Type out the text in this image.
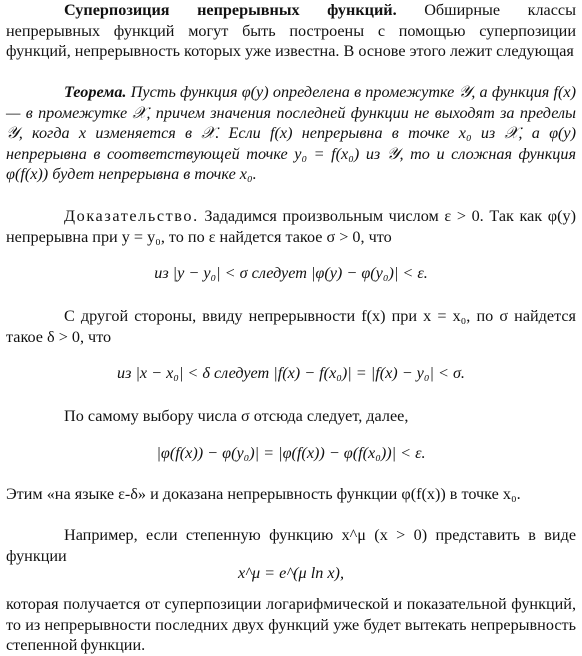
Суперпозиция непрерывных функций. Обширные классы непрерывных функций могут быть построены с помощью суперпозиции функций, непрерывность которых уже известна. В основе этого лежит следующая
Теорема. Пусть функция φ(y) определена в промежутке 𝒴, а функция f(x) — в промежутке 𝒳, причем значения последней функции не выходят за пределы 𝒴, когда x изменяется в 𝒳. Если f(x) непрерывна в точке x₀ из 𝒳, а φ(y) непрерывна в соответствующей точке y₀ = f(x₀) из 𝒴, то и сложная функция φ(f(x)) будет непрерывна в точке x₀.
Доказательство. Зададимся произвольным числом ε > 0. Так как φ(y) непрерывна при y = y₀, то по ε найдется такое σ > 0, что
из |y − y₀| < σ следует |φ(y) − φ(y₀)| < ε.
С другой стороны, ввиду непрерывности f(x) при x = x₀, по σ найдется такое δ > 0, что
из |x − x₀| < δ следует |f(x) − f(x₀)| = |f(x) − y₀| < σ.
По самому выбору числа σ отсюда следует, далее,
|φ(f(x)) − φ(y₀)| = |φ(f(x)) − φ(f(x₀))| < ε.
Этим «на языке ε-δ» и доказана непрерывность функции φ(f(x)) в точке x₀.
Например, если степенную функцию x^μ (x > 0) представить в виде функции
x^μ = e^(μ ln x),
которая получается от суперпозиции логарифмической и показательной функций, то из непрерывности последних двух функций уже будет вытекать непрерывность степенной функции.
